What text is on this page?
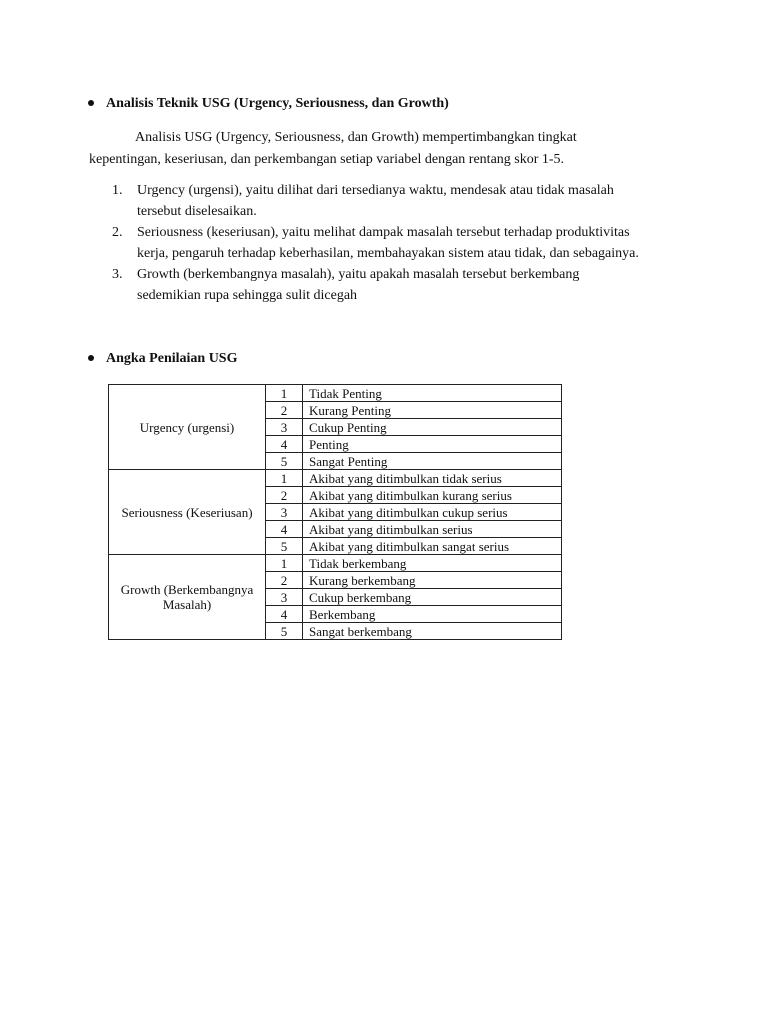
Analisis Teknik USG (Urgency, Seriousness, dan Growth)
Analisis USG (Urgency, Seriousness, dan Growth) mempertimbangkan tingkat
kepentingan, keseriusan, dan perkembangan setiap variabel dengan rentang skor 1-5.
1. Urgency (urgensi), yaitu dilihat dari tersedianya waktu, mendesak atau tidak masalah
tersebut diselesaikan.
2. Seriousness (keseriusan), yaitu melihat dampak masalah tersebut terhadap produktivitas
kerja, pengaruh terhadap keberhasilan, membahayakan sistem atau tidak, dan sebagainya.
3. Growth (berkembangnya masalah), yaitu apakah masalah tersebut berkembang
sedemikian rupa sehingga sulit dicegah
Angka Penilaian USG
Urgency (urgensi)	1	Tidak Penting
	2	Kurang Penting
	3	Cukup Penting
	4	Penting
	5	Sangat Penting
Seriousness (Keseriusan)	1	Akibat yang ditimbulkan tidak serius
	2	Akibat yang ditimbulkan kurang serius
	3	Akibat yang ditimbulkan cukup serius
	4	Akibat yang ditimbulkan serius
	5	Akibat yang ditimbulkan sangat serius
Growth (Berkembangnya Masalah)	1	Tidak berkembang
	2	Kurang berkembang
	3	Cukup berkembang
	4	Berkembang
	5	Sangat berkembang
